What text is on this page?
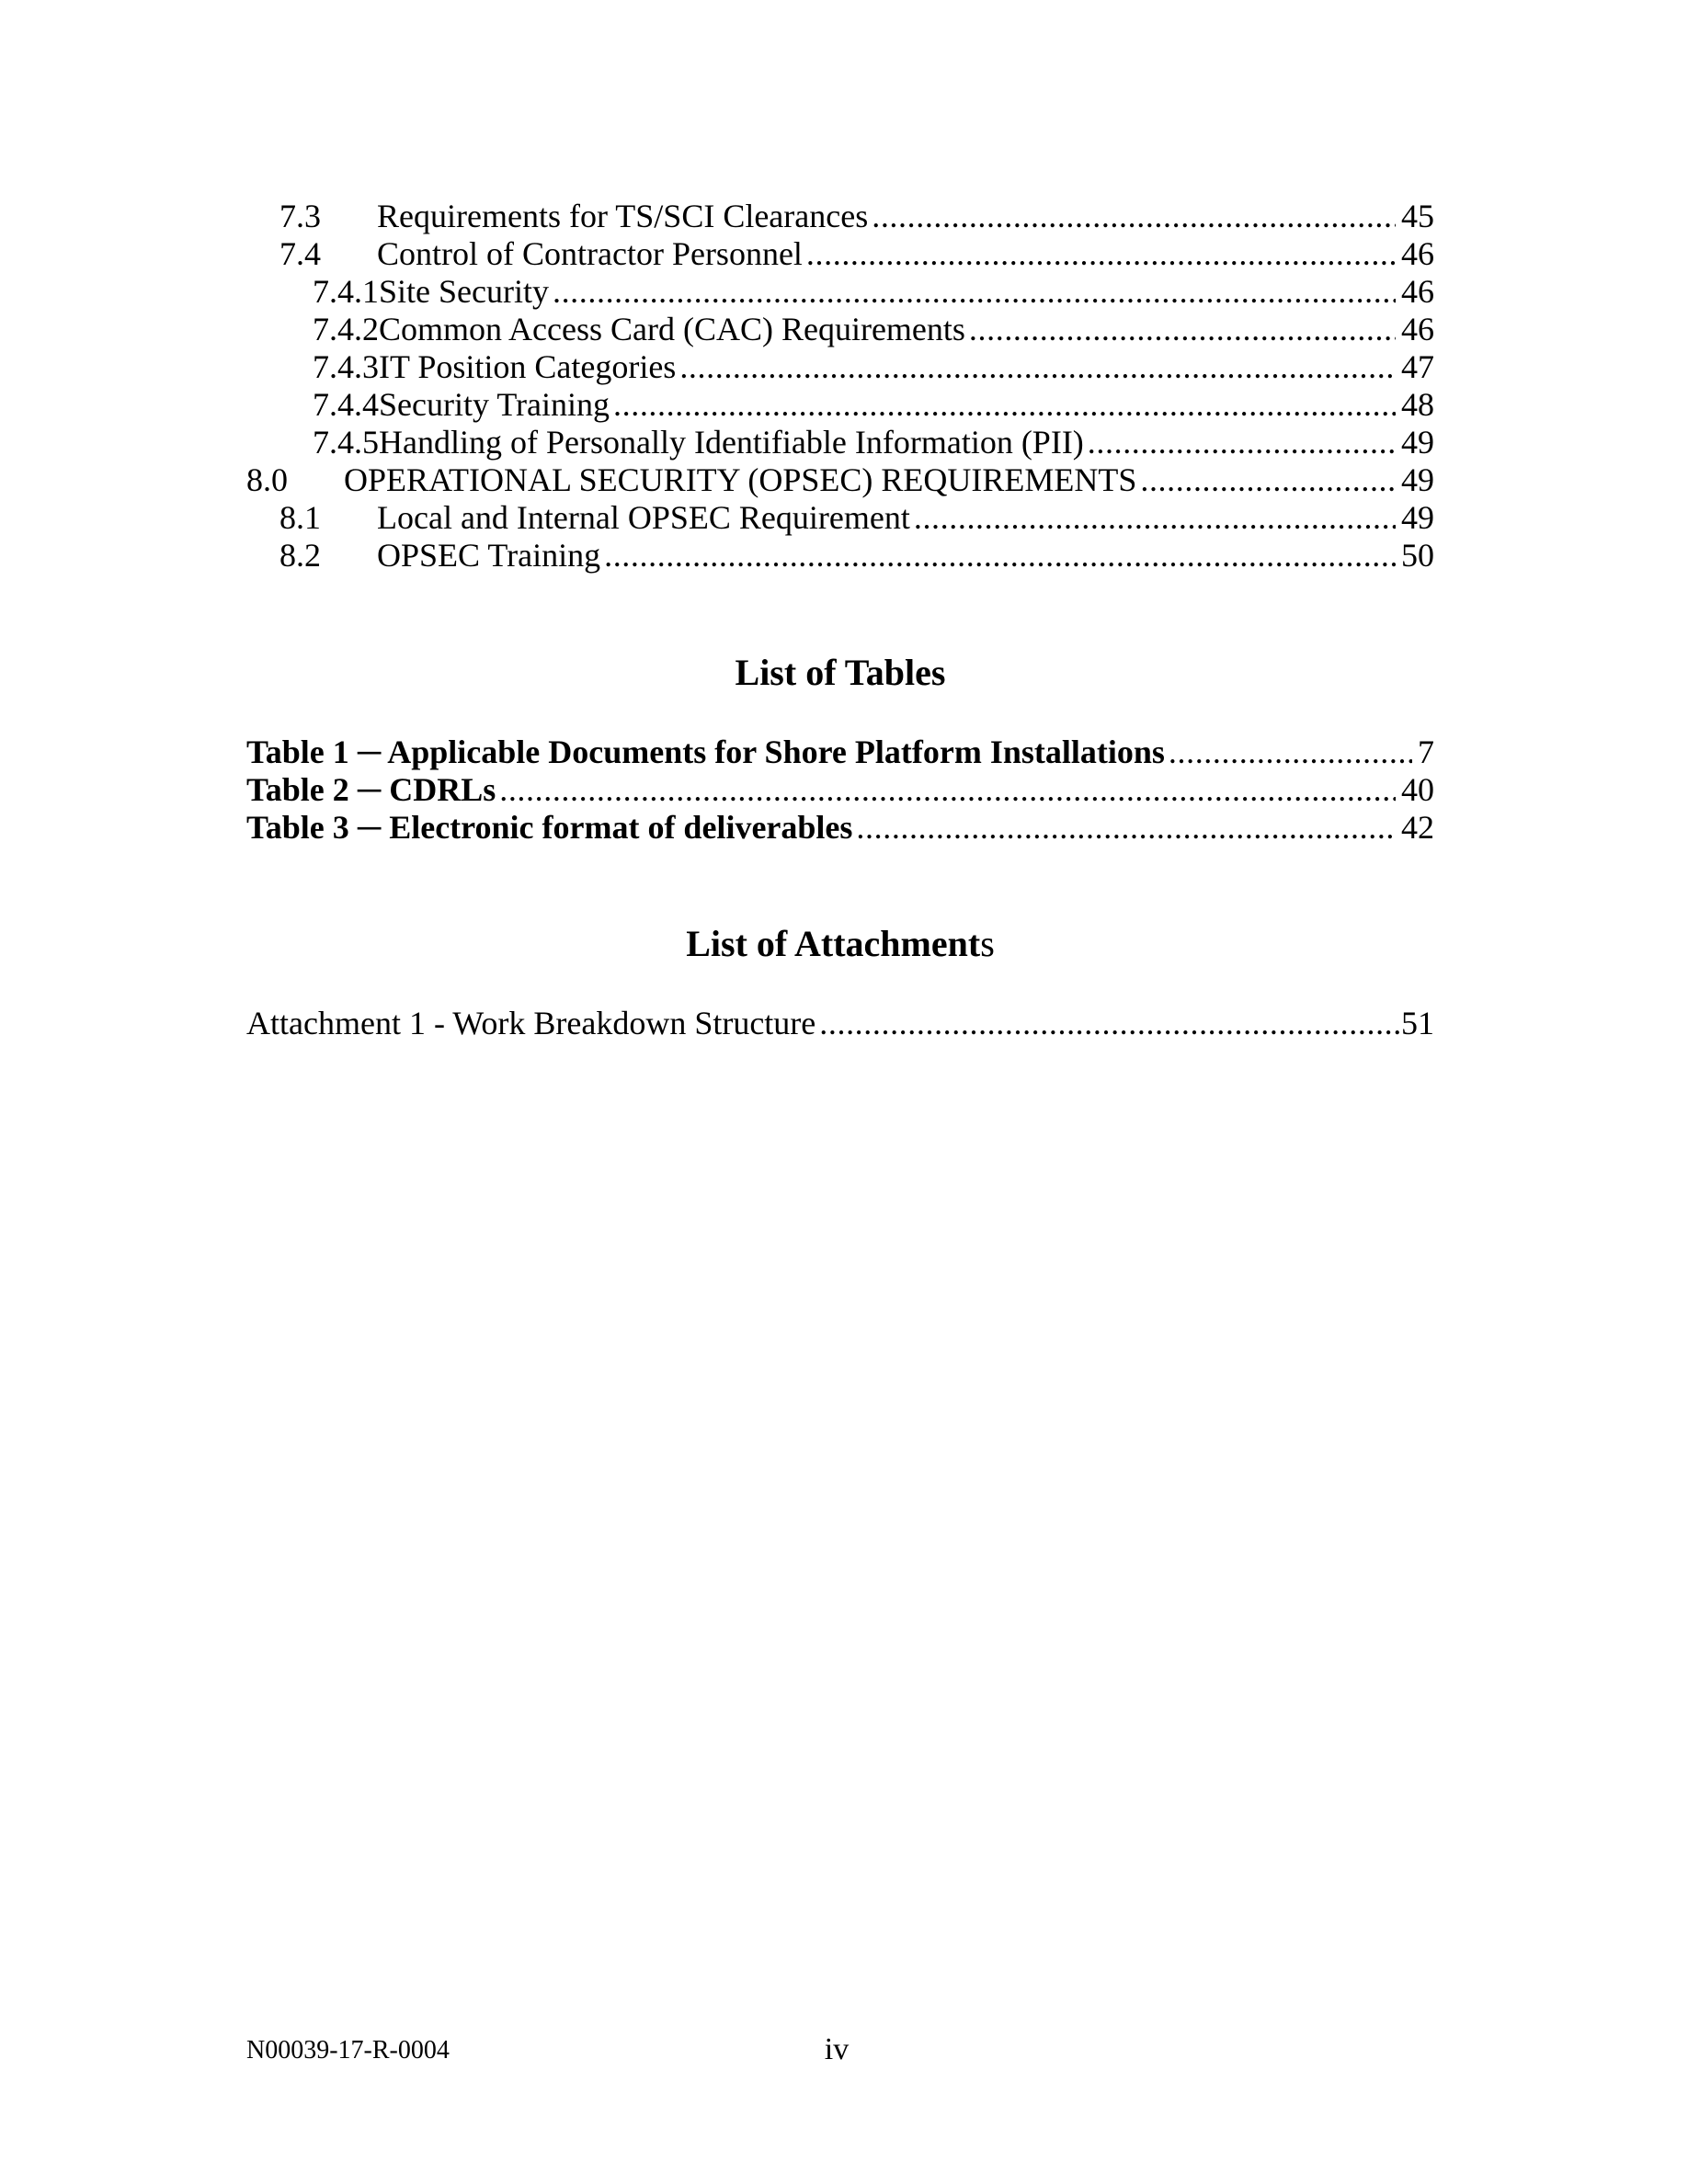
7.3	Requirements for TS/SCI Clearances . . .	45
7.4	Control of Contractor Personnel . . .	46
7.4.1 Site Security . . .	46
7.4.2 Common Access Card (CAC) Requirements . . .	46
7.4.3 IT Position Categories . . .	47
7.4.4 Security Training . . .	48
7.4.5 Handling of Personally Identifiable Information (PII) . . .	49
8.0	OPERATIONAL SECURITY (OPSEC) REQUIREMENTS . . .	49
8.1	Local and Internal OPSEC Requirement . . .	49
8.2	OPSEC Training . . .	50
List of Tables
Table 1 ─ Applicable Documents for Shore Platform Installations . . .	7
Table 2 ─ CDRLs . . .	40
Table 3 ─ Electronic format of deliverables . . .	42
List of Attachments
Attachment 1 - Work Breakdown Structure . . .	51
N00039-17-R-0004	iv
